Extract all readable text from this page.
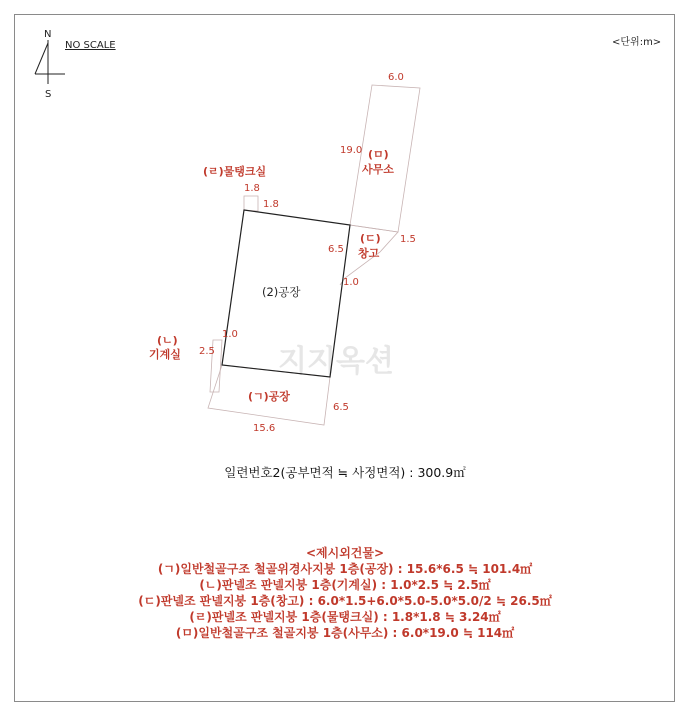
N
S
NO SCALE	<단위:m>
지지옥션
(2)공장
(ㄱ)공장
(ㄴ)
기계실
(ㄷ)
창고
(ㄹ)물탱크실
(ㅁ)
사무소
6.0
19.0
1.8
1.8
6.5
1.5
1.0
1.0
2.5
6.5
15.6
일련번호2(공부면적 ≒ 사정면적) : 300.9㎡
<제시외건물>
(ㄱ)일반철골구조 철골위경사지붕 1층(공장) : 15.6*6.5 ≒ 101.4㎡
(ㄴ)판넬조 판넬지붕 1층(기계실) : 1.0*2.5 ≒ 2.5㎡
(ㄷ)판넬조 판넬지붕 1층(창고) : 6.0*1.5+6.0*5.0-5.0*5.0/2 ≒ 26.5㎡
(ㄹ)판넬조 판넬지붕 1층(물탱크실) : 1.8*1.8 ≒ 3.24㎡
(ㅁ)일반철골구조 철골지붕 1층(사무소) : 6.0*19.0 ≒ 114㎡
